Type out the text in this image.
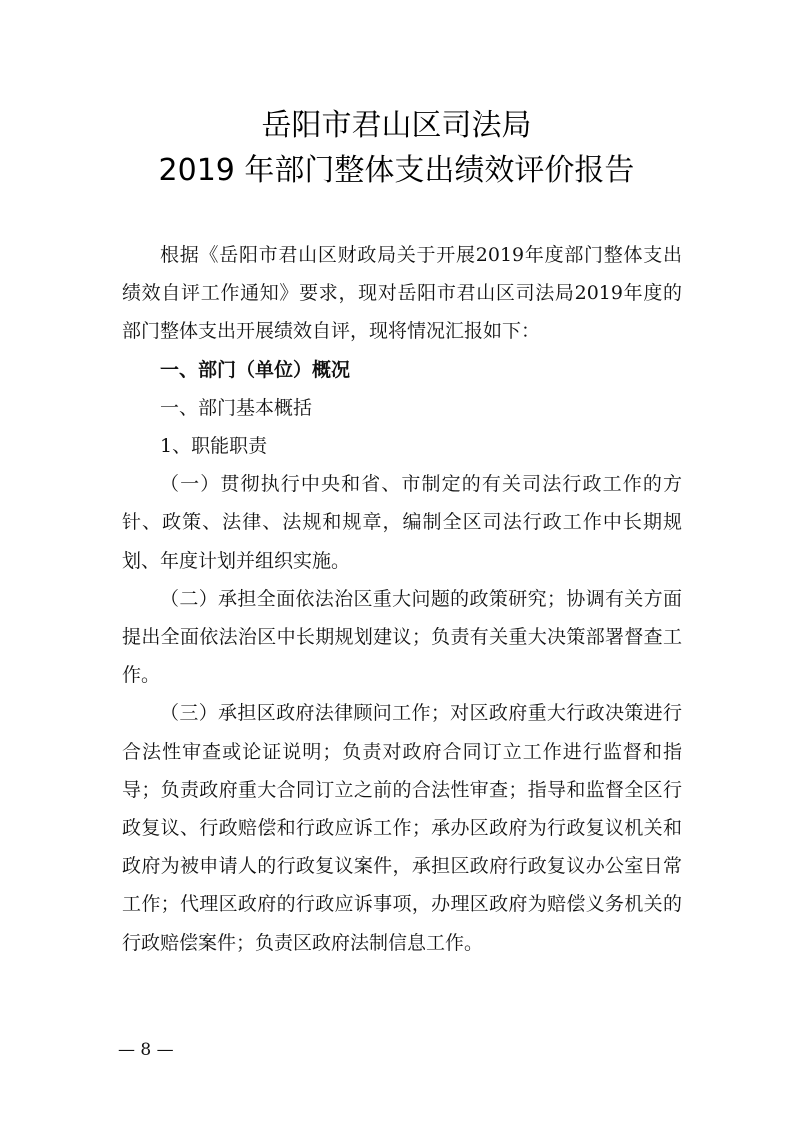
岳阳市君山区司法局
2019 年部门整体支出绩效评价报告

根据《岳阳市君山区财政局关于开展2019年度部门整体支出绩效自评工作通知》要求，现对岳阳市君山区司法局2019年度的部门整体支出开展绩效自评，现将情况汇报如下：

一、部门（单位）概况

一、部门基本概括

1、职能职责

（一）贯彻执行中央和省、市制定的有关司法行政工作的方针、政策、法律、法规和规章，编制全区司法行政工作中长期规划、年度计划并组织实施。

（二）承担全面依法治区重大问题的政策研究；协调有关方面提出全面依法治区中长期规划建议；负责有关重大决策部署督查工作。

（三）承担区政府法律顾问工作；对区政府重大行政决策进行合法性审查或论证说明；负责对政府合同订立工作进行监督和指导；负责政府重大合同订立之前的合法性审查；指导和监督全区行政复议、行政赔偿和行政应诉工作；承办区政府为行政复议机关和政府为被申请人的行政复议案件，承担区政府行政复议办公室日常工作；代理区政府的行政应诉事项，办理区政府为赔偿义务机关的行政赔偿案件；负责区政府法制信息工作。

— 8 —
